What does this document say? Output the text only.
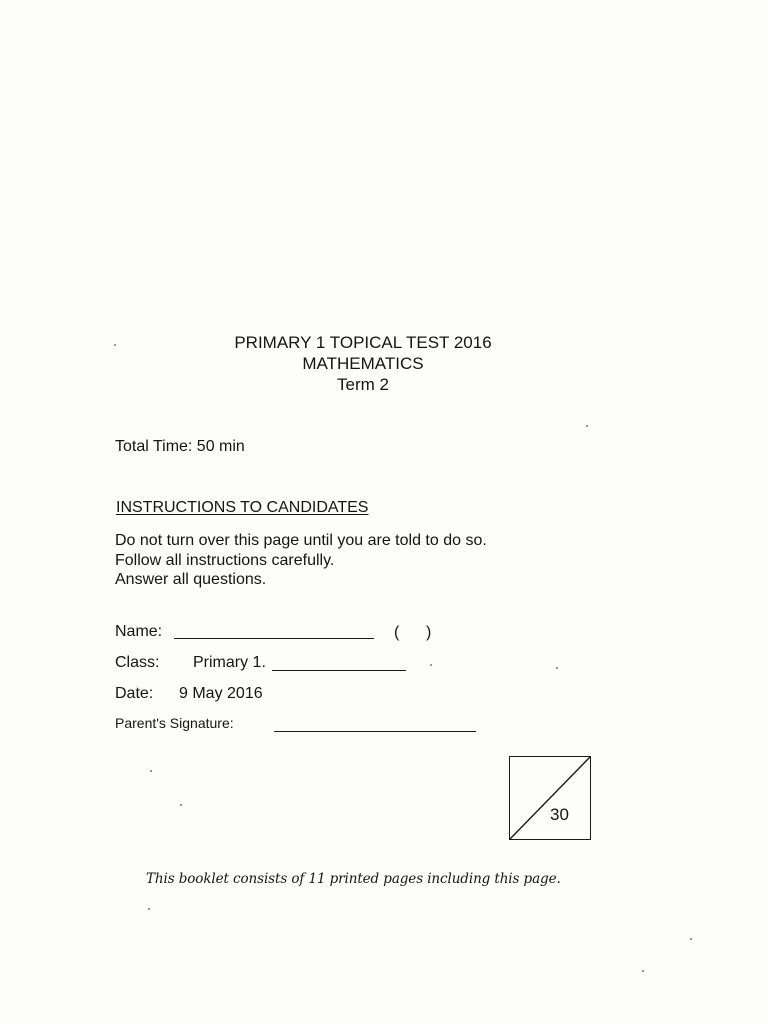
PRIMARY 1 TOPICAL TEST 2016
MATHEMATICS
Term 2
Total Time: 50 min
INSTRUCTIONS TO CANDIDATES
Do not turn over this page until you are told to do so.
Follow all instructions carefully.
Answer all questions.
Name:	(      )
Class: Primary 1.
Date: 9 May 2016
Parent's Signature:
30
This booklet consists of 11 printed pages including this page.
